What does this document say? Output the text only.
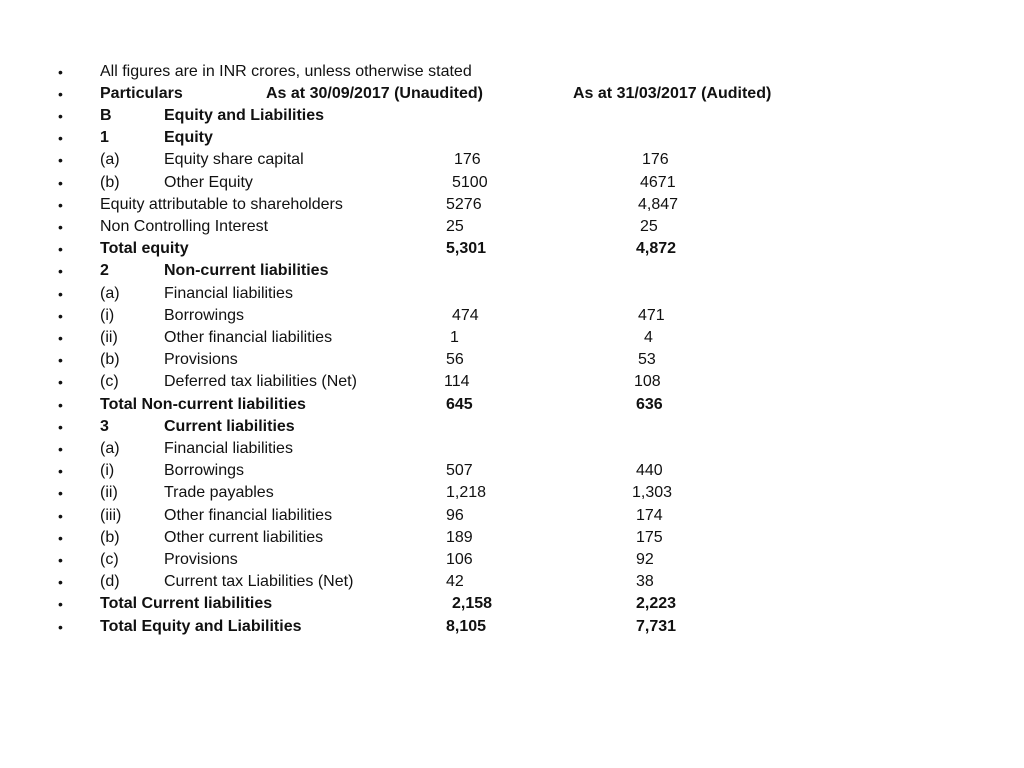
• All figures are in INR crores, unless otherwise stated
• Particulars	As at 30/09/2017 (Unaudited)	As at 31/03/2017 (Audited)
• B	Equity and Liabilities
• 1	Equity
• (a)	Equity share capital	176	176
• (b)	Other Equity	5100	4671
• Equity attributable to shareholders	5276	4,847
• Non Controlling Interest	25	25
• Total equity	5,301	4,872
• 2	Non-current liabilities
• (a)	Financial liabilities
• (i)	Borrowings	474	471
• (ii)	Other financial liabilities	1	4
• (b)	Provisions	56	53
• (c)	Deferred tax liabilities (Net)	114	108
• Total Non-current liabilities	645	636
• 3	Current liabilities
• (a)	Financial liabilities
• (i)	Borrowings	507	440
• (ii)	Trade payables	1,218	1,303
• (iii)	Other financial liabilities	96	174
• (b)	Other current liabilities	189	175
• (c)	Provisions	106	92
• (d)	Current tax Liabilities (Net)	42	38
• Total Current liabilities	2,158	2,223
• Total Equity and Liabilities	8,105	7,731
